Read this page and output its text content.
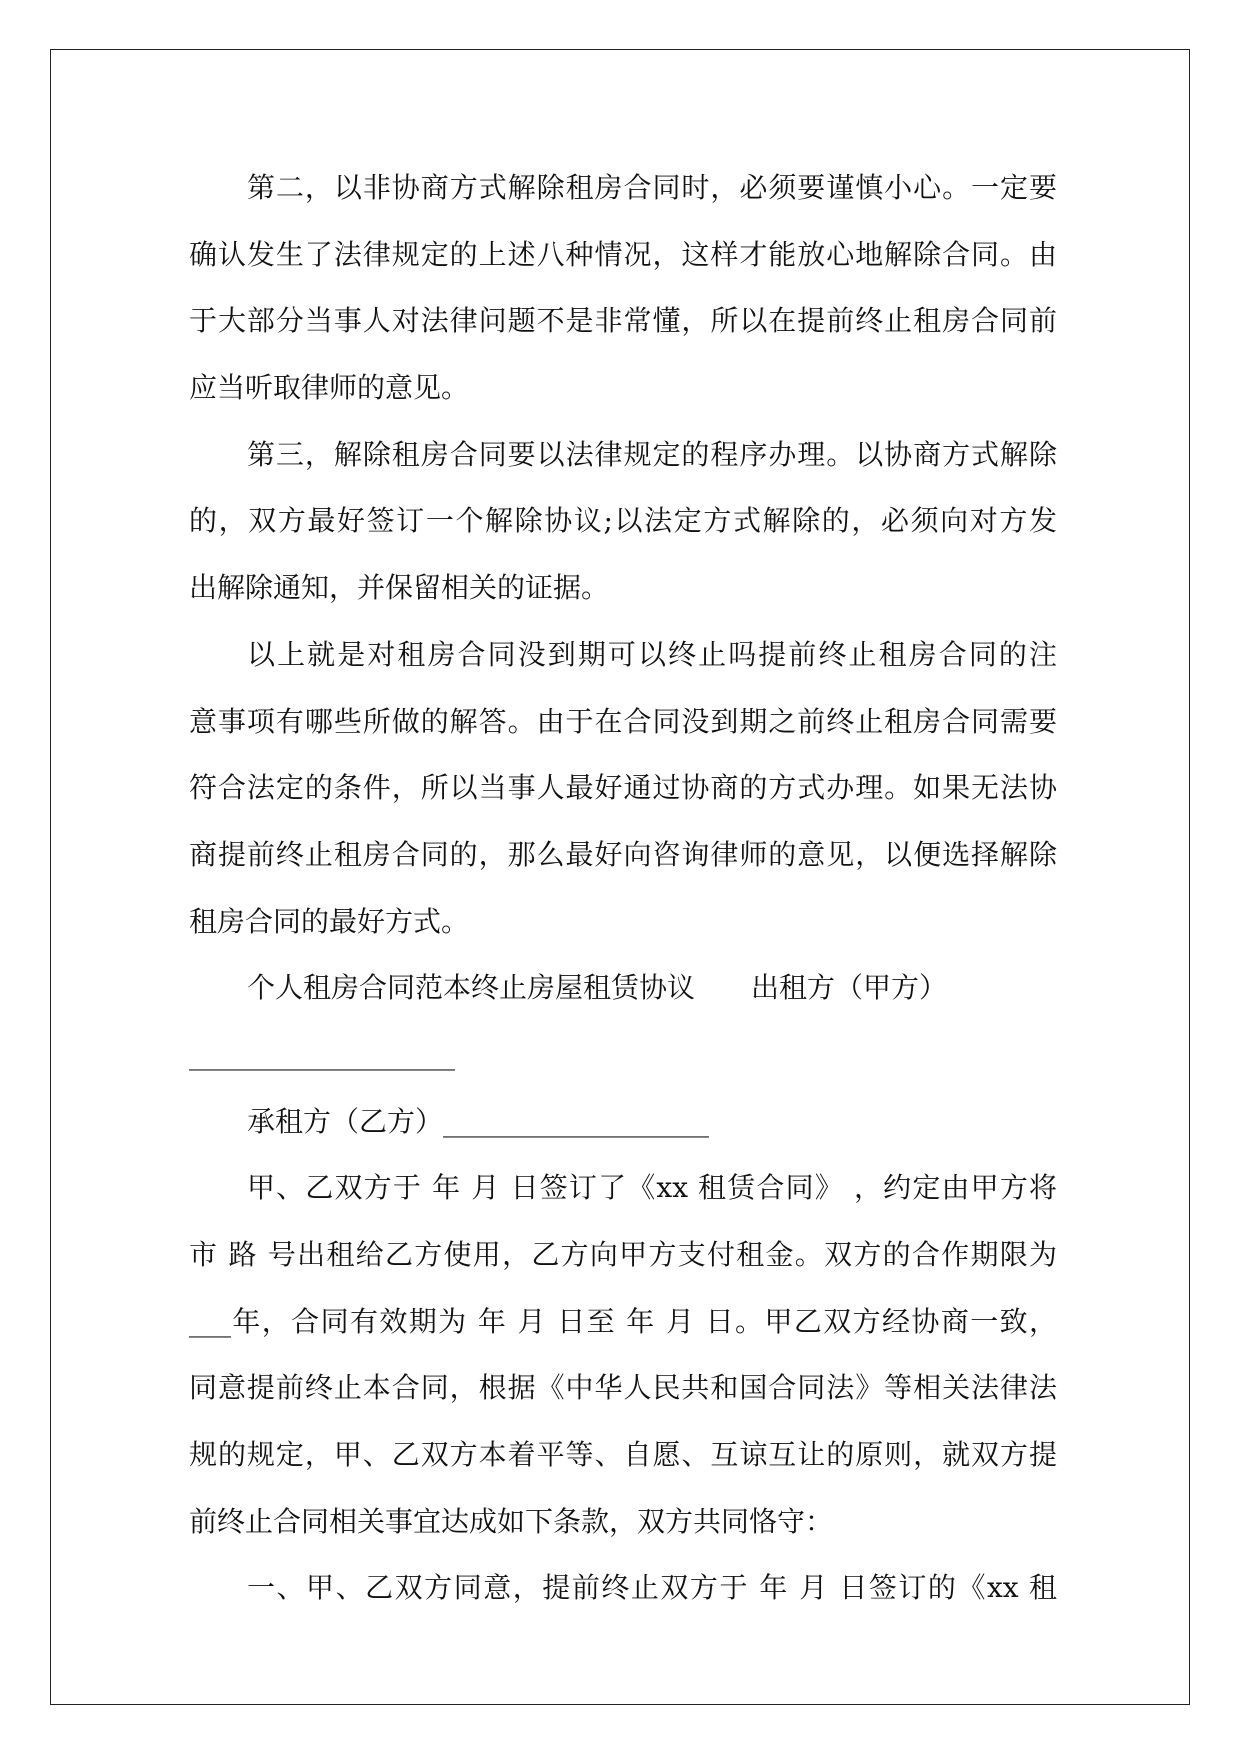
第二，以非协商方式解除租房合同时，必须要谨慎小心。一定要
确认发生了法律规定的上述八种情况，这样才能放心地解除合同。由
于大部分当事人对法律问题不是非常懂，所以在提前终止租房合同前
应当听取律师的意见。
第三，解除租房合同要以法律规定的程序办理。以协商方式解除
的，双方最好签订一个解除协议;以法定方式解除的，必须向对方发
出解除通知，并保留相关的证据。
以上就是对租房合同没到期可以终止吗提前终止租房合同的注
意事项有哪些所做的解答。由于在合同没到期之前终止租房合同需要
符合法定的条件，所以当事人最好通过协商的方式办理。如果无法协
商提前终止租房合同的，那么最好向咨询律师的意见，以便选择解除
租房合同的最好方式。
个人租房合同范本终止房屋租赁协议　　出租方（甲方）
___________________
承租方（乙方）___________________
甲、乙双方于 年 月 日签订了《xx 租赁合同》 ，约定由甲方将
市 路 号出租给乙方使用，乙方向甲方支付租金。双方的合作期限为
___年，合同有效期为 年 月 日至 年 月 日。甲乙双方经协商一致，
同意提前终止本合同，根据《中华人民共和国合同法》等相关法律法
规的规定，甲、乙双方本着平等、自愿、互谅互让的原则，就双方提
前终止合同相关事宜达成如下条款，双方共同恪守：
一、甲、乙双方同意，提前终止双方于 年 月 日签订的《xx 租
